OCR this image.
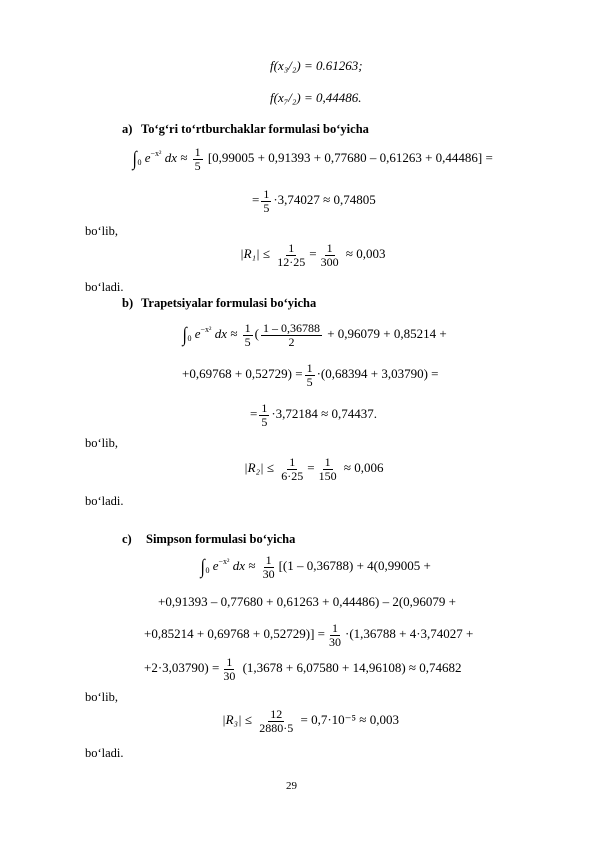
f(x₃/₂) = 0.61263;
f(x₇/₂) = 0,44486.
a) To‘g‘ri to‘rtburchaklar formulasi bo‘yicha
$\int_0$ $e^{-x^2}$ dx ≈ $\frac{1}{5} [0,99005 + 0,91393 + 0,77680 - 0,61263 + 0,44486]$ =
= $\frac{1}{5} \cdot 3,74027 \approx 0,74805$
bo‘lib,
$|R_1| \le \frac{1}{12\cdot 25} = \frac{1}{300} \approx 0,003$
bo‘ladi.
b) Trapetsiyalar formulasi bo‘yicha
$\int_0$ $e^{-x^2}$ dx ≈ $\frac{1}{5}$ ( $\frac{1 - 0,36788}{2} + 0,96079 + 0,85214$ +
$+0,69768 + 0,52729) = \frac{1}{5} \cdot(0,68394 + 3,03790)$ =
= $\frac{1}{5} \cdot 3,72184 \approx 0,74437$.
bo‘lib,
$|R_2| \le \frac{1}{6\cdot 25} = \frac{1}{150} \approx 0,006$
bo‘ladi.
c) Simpson formulasi bo‘yicha
$\int_0$ $e^{-x^2}$ dx ≈ $\frac{1}{30} [(1 - 0,36788) + 4(0,99005$ +
+0,91393 – 0,77680 + 0,61263 + 0,44486) – 2(0,96079 +
$+0,85214 + 0,69768 + 0,52729)] = \frac{1}{30} \cdot(1,36788 + 4\cdot 3,74027$ +
$+2\cdot 3,03790) = \frac{1}{30} (1,3678 + 6,07580 + 14,96108) \approx 0,74682$
bo‘lib,
$|R_3| \le \frac{12}{2880\cdot 5} = 0,7\cdot 10^{-5} \approx 0,003$
bo‘ladi.
29
